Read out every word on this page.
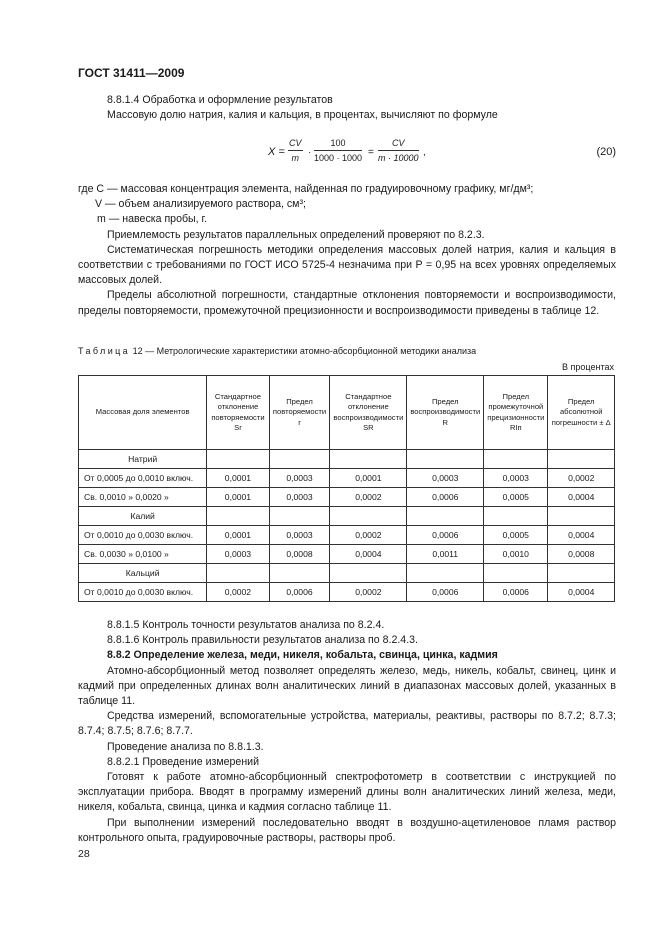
ГОСТ 31411—2009

8.8.1.4 Обработка и оформление результатов

Массовую долю натрия, калия и кальция, в процентах, вычисляют по формуле

$X = \frac{CV}{m} \cdot \frac{100}{1000 \cdot 1000} = \frac{CV}{m \cdot 10000}$ ,	(20)

где C — массовая концентрация элемента, найденная по градуировочному графику, мг/дм³;

V — объем анализируемого раствора, см³;

m — навеска пробы, г.

Приемлемость результатов параллельных определений проверяют по 8.2.3.

Систематическая погрешность методики определения массовых долей натрия, калия и кальция в соответствии с требованиями по ГОСТ ИСО 5725-4 незначима при P = 0,95 на всех уровнях определяемых массовых долей.

Пределы абсолютной погрешности, стандартные отклонения повторяемости и воспроизводимости, пределы повторяемости, промежуточной прецизионности и воспроизводимости приведены в таблице 12.

Таблица 12 — Метрологические характеристики атомно-абсорбционной методики анализа
В процентах
Массовая доля элементов	Стандартное отклонение повторяемости Sr	Предел повторяемости r	Стандартное отклонение воспроизводимости SR	Предел воспроизводимости R	Предел промежуточной прецизионности RIп	Предел абсолютной погрешности ± Δ
Натрий						
От 0,0005 до 0,0010 включ.	0,0001	0,0003	0,0001	0,0003	0,0003	0,0002
Св. 0,0010 » 0,0020 »	0,0001	0,0003	0,0002	0,0006	0,0005	0,0004
Калий						
От 0,0010 до 0,0030 включ.	0,0001	0,0003	0,0002	0,0006	0,0005	0,0004
Св. 0,0030 » 0,0100 »	0,0003	0,0008	0,0004	0,0011	0,0010	0,0008
Кальций						
От 0,0010 до 0,0030 включ.	0,0002	0,0006	0,0002	0,0006	0,0006	0,0004

8.8.1.5 Контроль точности результатов анализа по 8.2.4.

8.8.1.6 Контроль правильности результатов анализа по 8.2.4.3.

8.8.2 Определение железа, меди, никеля, кобальта, свинца, цинка, кадмия

Атомно-абсорбционный метод позволяет определять железо, медь, никель, кобальт, свинец, цинк и кадмий при определенных длинах волн аналитических линий в диапазонах массовых долей, указанных в таблице 11.

Средства измерений, вспомогательные устройства, материалы, реактивы, растворы по 8.7.2; 8.7.3; 8.7.4; 8.7.5; 8.7.6; 8.7.7.

Проведение анализа по 8.8.1.3.

8.8.2.1 Проведение измерений

Готовят к работе атомно-абсорбционный спектрофотометр в соответствии с инструкцией по эксплуатации прибора. Вводят в программу измерений длины волн аналитических линий железа, меди, никеля, кобальта, свинца, цинка и кадмия согласно таблице 11.

При выполнении измерений последовательно вводят в воздушно-ацетиленовое пламя раствор контрольного опыта, градуировочные растворы, растворы проб.

28
